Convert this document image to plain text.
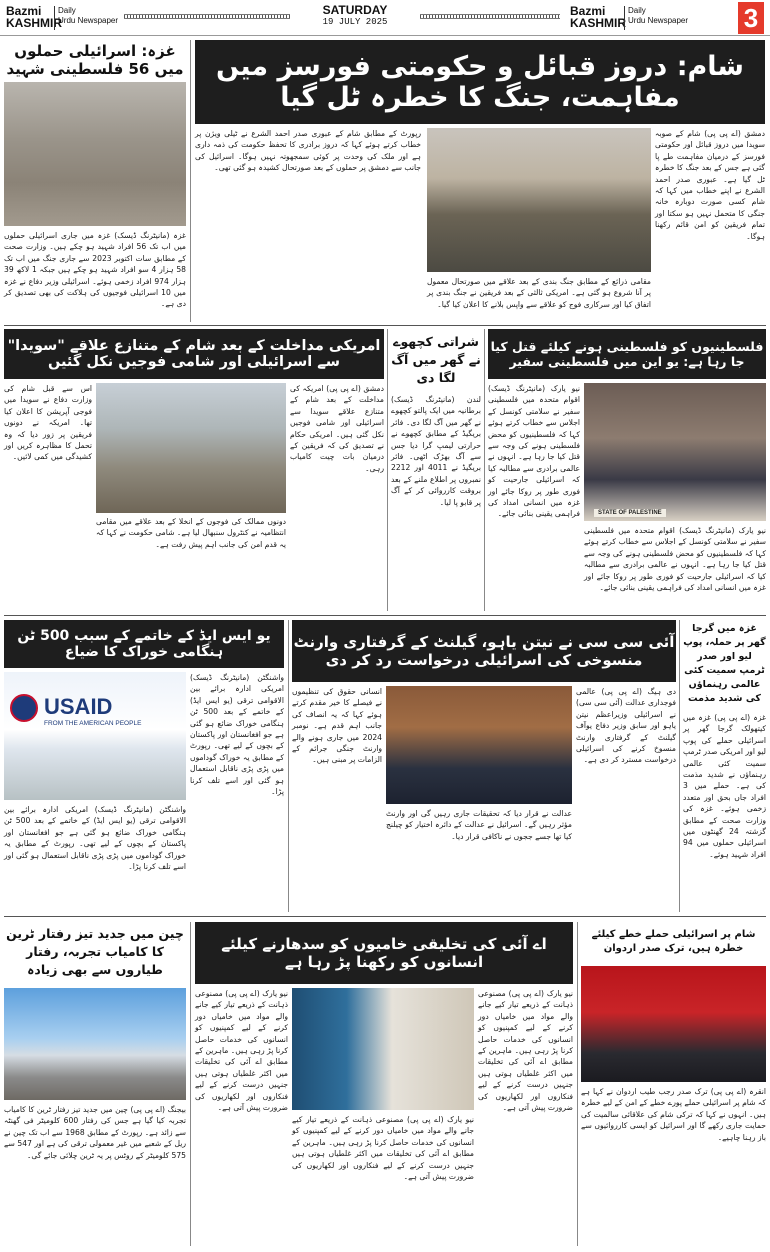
Bazmi
KASHMIR
Daily
Urdu Newspaper
SATURDAY
19 JULY 2025
Bazmi
KASHMIR
Daily
Urdu Newspaper	3
غزہ: اسرائیلی حملوں میں 56 فلسطینی شہید
غزہ (مانیٹرنگ ڈیسک) غزہ میں جاری اسرائیلی حملوں میں اب تک 56 افراد شہید ہو چکے ہیں۔ وزارت صحت کے مطابق سات اکتوبر 2023 سے جاری جنگ میں اب تک 58 ہزار 4 سو افراد شہید ہو چکے ہیں جبکہ 1 لاکھ 39 ہزار 974 افراد زخمی ہوئے۔ اسرائیلی وزیر دفاع نے غزہ میں 10 اسرائیلی فوجیوں کی ہلاکت کی بھی تصدیق کر دی ہے۔
شام: دروز قبائل و حکومتی فورسز میں مفاہمت، جنگ کا خطرہ ٹل گیا
دمشق (اے پی پی) شام کے صوبہ سویدا میں دروز قبائل اور حکومتی فورسز کے درمیان مفاہمت طے پا گئی ہے جس کے بعد جنگ کا خطرہ ٹل گیا ہے۔ عبوری صدر احمد الشرع نے اپنے خطاب میں کہا کہ شام کسی صورت دوبارہ خانہ جنگی کا متحمل نہیں ہو سکتا اور تمام فریقین کو امن قائم رکھنا ہوگا۔
مقامی ذرائع کے مطابق جنگ بندی کے بعد علاقے میں صورتحال معمول پر آنا شروع ہو گئی ہے۔ امریکی ثالثی کے بعد فریقین نے جنگ بندی پر اتفاق کیا اور سرکاری فوج کو علاقے سے واپس بلانے کا اعلان کیا گیا۔
رپورٹ کے مطابق شام کے عبوری صدر احمد الشرع نے ٹیلی ویژن پر خطاب کرتے ہوئے کہا کہ دروز برادری کا تحفظ حکومت کی ذمہ داری ہے اور ملک کی وحدت پر کوئی سمجھوتہ نہیں ہوگا۔ اسرائیل کی جانب سے دمشق پر حملوں کے بعد صورتحال کشیدہ ہو گئی تھی۔
امریکی مداخلت کے بعد شام کے متنازع علاقے "سویدا" سے اسرائیلی اور شامی فوجیں نکل گئیں
دمشق (اے پی پی) امریکہ کی مداخلت کے بعد شام کے متنازع علاقے سویدا سے اسرائیلی اور شامی فوجیں نکل گئی ہیں۔ امریکی حکام نے تصدیق کی کہ فریقین کے درمیان بات چیت کامیاب رہی۔
دونوں ممالک کی فوجوں کے انخلا کے بعد علاقے میں مقامی انتظامیہ نے کنٹرول سنبھال لیا ہے۔ شامی حکومت نے کہا کہ یہ قدم امن کی جانب اہم پیش رفت ہے۔
اس سے قبل شام کی وزارت دفاع نے سویدا میں فوجی آپریشن کا اعلان کیا تھا۔ امریکہ نے دونوں فریقین پر زور دیا کہ وہ تحمل کا مظاہرہ کریں اور کشیدگی میں کمی لائیں۔
شراتی کچھوے نے گھر میں آگ لگا دی
لندن (مانیٹرنگ ڈیسک) برطانیہ میں ایک پالتو کچھوے نے گھر میں آگ لگا دی۔ فائر بریگیڈ کے مطابق کچھوے نے حرارتی لیمپ گرا دیا جس سے آگ بھڑک اٹھی۔ فائر بریگیڈ نے 4011 اور 2212 نمبروں پر اطلاع ملنے کے بعد بروقت کارروائی کر کے آگ پر قابو پا لیا۔
فلسطینیوں کو فلسطینی ہونے کیلئے قتل کیا جا رہا ہے: یو این میں فلسطینی سفیر
STATE OF PALESTINE
نیو یارک (مانیٹرنگ ڈیسک) اقوام متحدہ میں فلسطینی سفیر نے سلامتی کونسل کے اجلاس سے خطاب کرتے ہوئے کہا کہ فلسطینیوں کو محض فلسطینی ہونے کی وجہ سے قتل کیا جا رہا ہے۔ انہوں نے عالمی برادری سے مطالبہ کیا کہ اسرائیلی جارحیت کو فوری طور پر روکا جائے اور غزہ میں انسانی امداد کی فراہمی یقینی بنائی جائے۔
نیو یارک (مانیٹرنگ ڈیسک) اقوام متحدہ میں فلسطینی سفیر نے سلامتی کونسل کے اجلاس سے خطاب کرتے ہوئے کہا کہ فلسطینیوں کو محض فلسطینی ہونے کی وجہ سے قتل کیا جا رہا ہے۔ انہوں نے عالمی برادری سے مطالبہ کیا کہ اسرائیلی جارحیت کو فوری طور پر روکا جائے اور غزہ میں انسانی امداد کی فراہمی یقینی بنائی جائے۔
یو ایس ایڈ کے خاتمے کے سبب 500 ٹن ہنگامی خوراک کا ضیاع
USAID
FROM THE AMERICAN PEOPLE
واشنگٹن (مانیٹرنگ ڈیسک) امریکی ادارہ برائے بین الاقوامی ترقی (یو ایس ایڈ) کے خاتمے کے بعد 500 ٹن ہنگامی خوراک ضائع ہو گئی ہے جو افغانستان اور پاکستان کے بچوں کے لیے تھی۔ رپورٹ کے مطابق یہ خوراک گوداموں میں پڑی پڑی ناقابل استعمال ہو گئی اور اسے تلف کرنا پڑا۔
واشنگٹن (مانیٹرنگ ڈیسک) امریکی ادارہ برائے بین الاقوامی ترقی (یو ایس ایڈ) کے خاتمے کے بعد 500 ٹن ہنگامی خوراک ضائع ہو گئی ہے جو افغانستان اور پاکستان کے بچوں کے لیے تھی۔ رپورٹ کے مطابق یہ خوراک گوداموں میں پڑی پڑی ناقابل استعمال ہو گئی اور اسے تلف کرنا پڑا۔
آئی سی سی نے نیتن یاہو، گیلنٹ کے گرفتاری وارنٹ منسوخی کی اسرائیلی درخواست رد کر دی
دی ہیگ (اے پی پی) عالمی فوجداری عدالت (آئی سی سی) نے اسرائیلی وزیراعظم نیتن یاہو اور سابق وزیر دفاع یوآف گیلنٹ کے گرفتاری وارنٹ منسوخ کرنے کی اسرائیلی درخواست مسترد کر دی ہے۔
عدالت نے قرار دیا کہ تحقیقات جاری رہیں گی اور وارنٹ مؤثر رہیں گے۔ اسرائیل نے عدالت کے دائرہ اختیار کو چیلنج کیا تھا جسے ججوں نے ناکافی قرار دیا۔
انسانی حقوق کی تنظیموں نے فیصلے کا خیر مقدم کرتے ہوئے کہا کہ یہ انصاف کی جانب اہم قدم ہے۔ نومبر 2024 میں جاری ہونے والے وارنٹ جنگی جرائم کے الزامات پر مبنی ہیں۔
غزہ میں گرجا گھر پر حملہ، پوپ لیو اور صدر ٹرمپ سمیت کئی عالمی رہنماؤں کی شدید مذمت
غزہ (اے پی پی) غزہ میں کیتھولک گرجا گھر پر اسرائیلی حملے کی پوپ لیو اور امریکی صدر ٹرمپ سمیت کئی عالمی رہنماؤں نے شدید مذمت کی ہے۔ حملے میں 3 افراد جاں بحق اور متعدد زخمی ہوئے۔ غزہ کی وزارت صحت کے مطابق گزشتہ 24 گھنٹوں میں اسرائیلی حملوں میں 94 افراد شہید ہوئے۔
چین میں جدید تیز رفتار ٹرین کا کامیاب تجربہ، رفتار طیاروں سے بھی زیادہ
بیجنگ (اے پی پی) چین میں جدید تیز رفتار ٹرین کا کامیاب تجربہ کیا گیا ہے جس کی رفتار 600 کلومیٹر فی گھنٹہ سے زائد ہے۔ رپورٹ کے مطابق 1968 سے اب تک چین نے ریل کے شعبے میں غیر معمولی ترقی کی ہے اور 547 سے 575 کلومیٹر کے روٹس پر یہ ٹرین چلائی جائے گی۔
اے آئی کی تخلیقی خامیوں کو سدھارنے کیلئے انسانوں کو رکھنا پڑ رہا ہے
نیو یارک (اے پی پی) مصنوعی ذہانت کے ذریعے تیار کیے جانے والے مواد میں خامیاں دور کرنے کے لیے کمپنیوں کو انسانوں کی خدمات حاصل کرنا پڑ رہی ہیں۔ ماہرین کے مطابق اے آئی کی تخلیقات میں اکثر غلطیاں ہوتی ہیں جنہیں درست کرنے کے لیے فنکاروں اور لکھاریوں کی ضرورت پیش آتی ہے۔
نیو یارک (اے پی پی) مصنوعی ذہانت کے ذریعے تیار کیے جانے والے مواد میں خامیاں دور کرنے کے لیے کمپنیوں کو انسانوں کی خدمات حاصل کرنا پڑ رہی ہیں۔ ماہرین کے مطابق اے آئی کی تخلیقات میں اکثر غلطیاں ہوتی ہیں جنہیں درست کرنے کے لیے فنکاروں اور لکھاریوں کی ضرورت پیش آتی ہے۔
نیو یارک (اے پی پی) مصنوعی ذہانت کے ذریعے تیار کیے جانے والے مواد میں خامیاں دور کرنے کے لیے کمپنیوں کو انسانوں کی خدمات حاصل کرنا پڑ رہی ہیں۔ ماہرین کے مطابق اے آئی کی تخلیقات میں اکثر غلطیاں ہوتی ہیں جنہیں درست کرنے کے لیے فنکاروں اور لکھاریوں کی ضرورت پیش آتی ہے۔
شام پر اسرائیلی حملے خطے کیلئے خطرہ ہیں، ترک صدر اردوان
انقرہ (اے پی پی) ترک صدر رجب طیب اردوان نے کہا ہے کہ شام پر اسرائیلی حملے پورے خطے کے امن کے لیے خطرہ ہیں۔ انہوں نے کہا کہ ترکی شام کی علاقائی سالمیت کی حمایت جاری رکھے گا اور اسرائیل کو ایسی کارروائیوں سے باز رہنا چاہیے۔
